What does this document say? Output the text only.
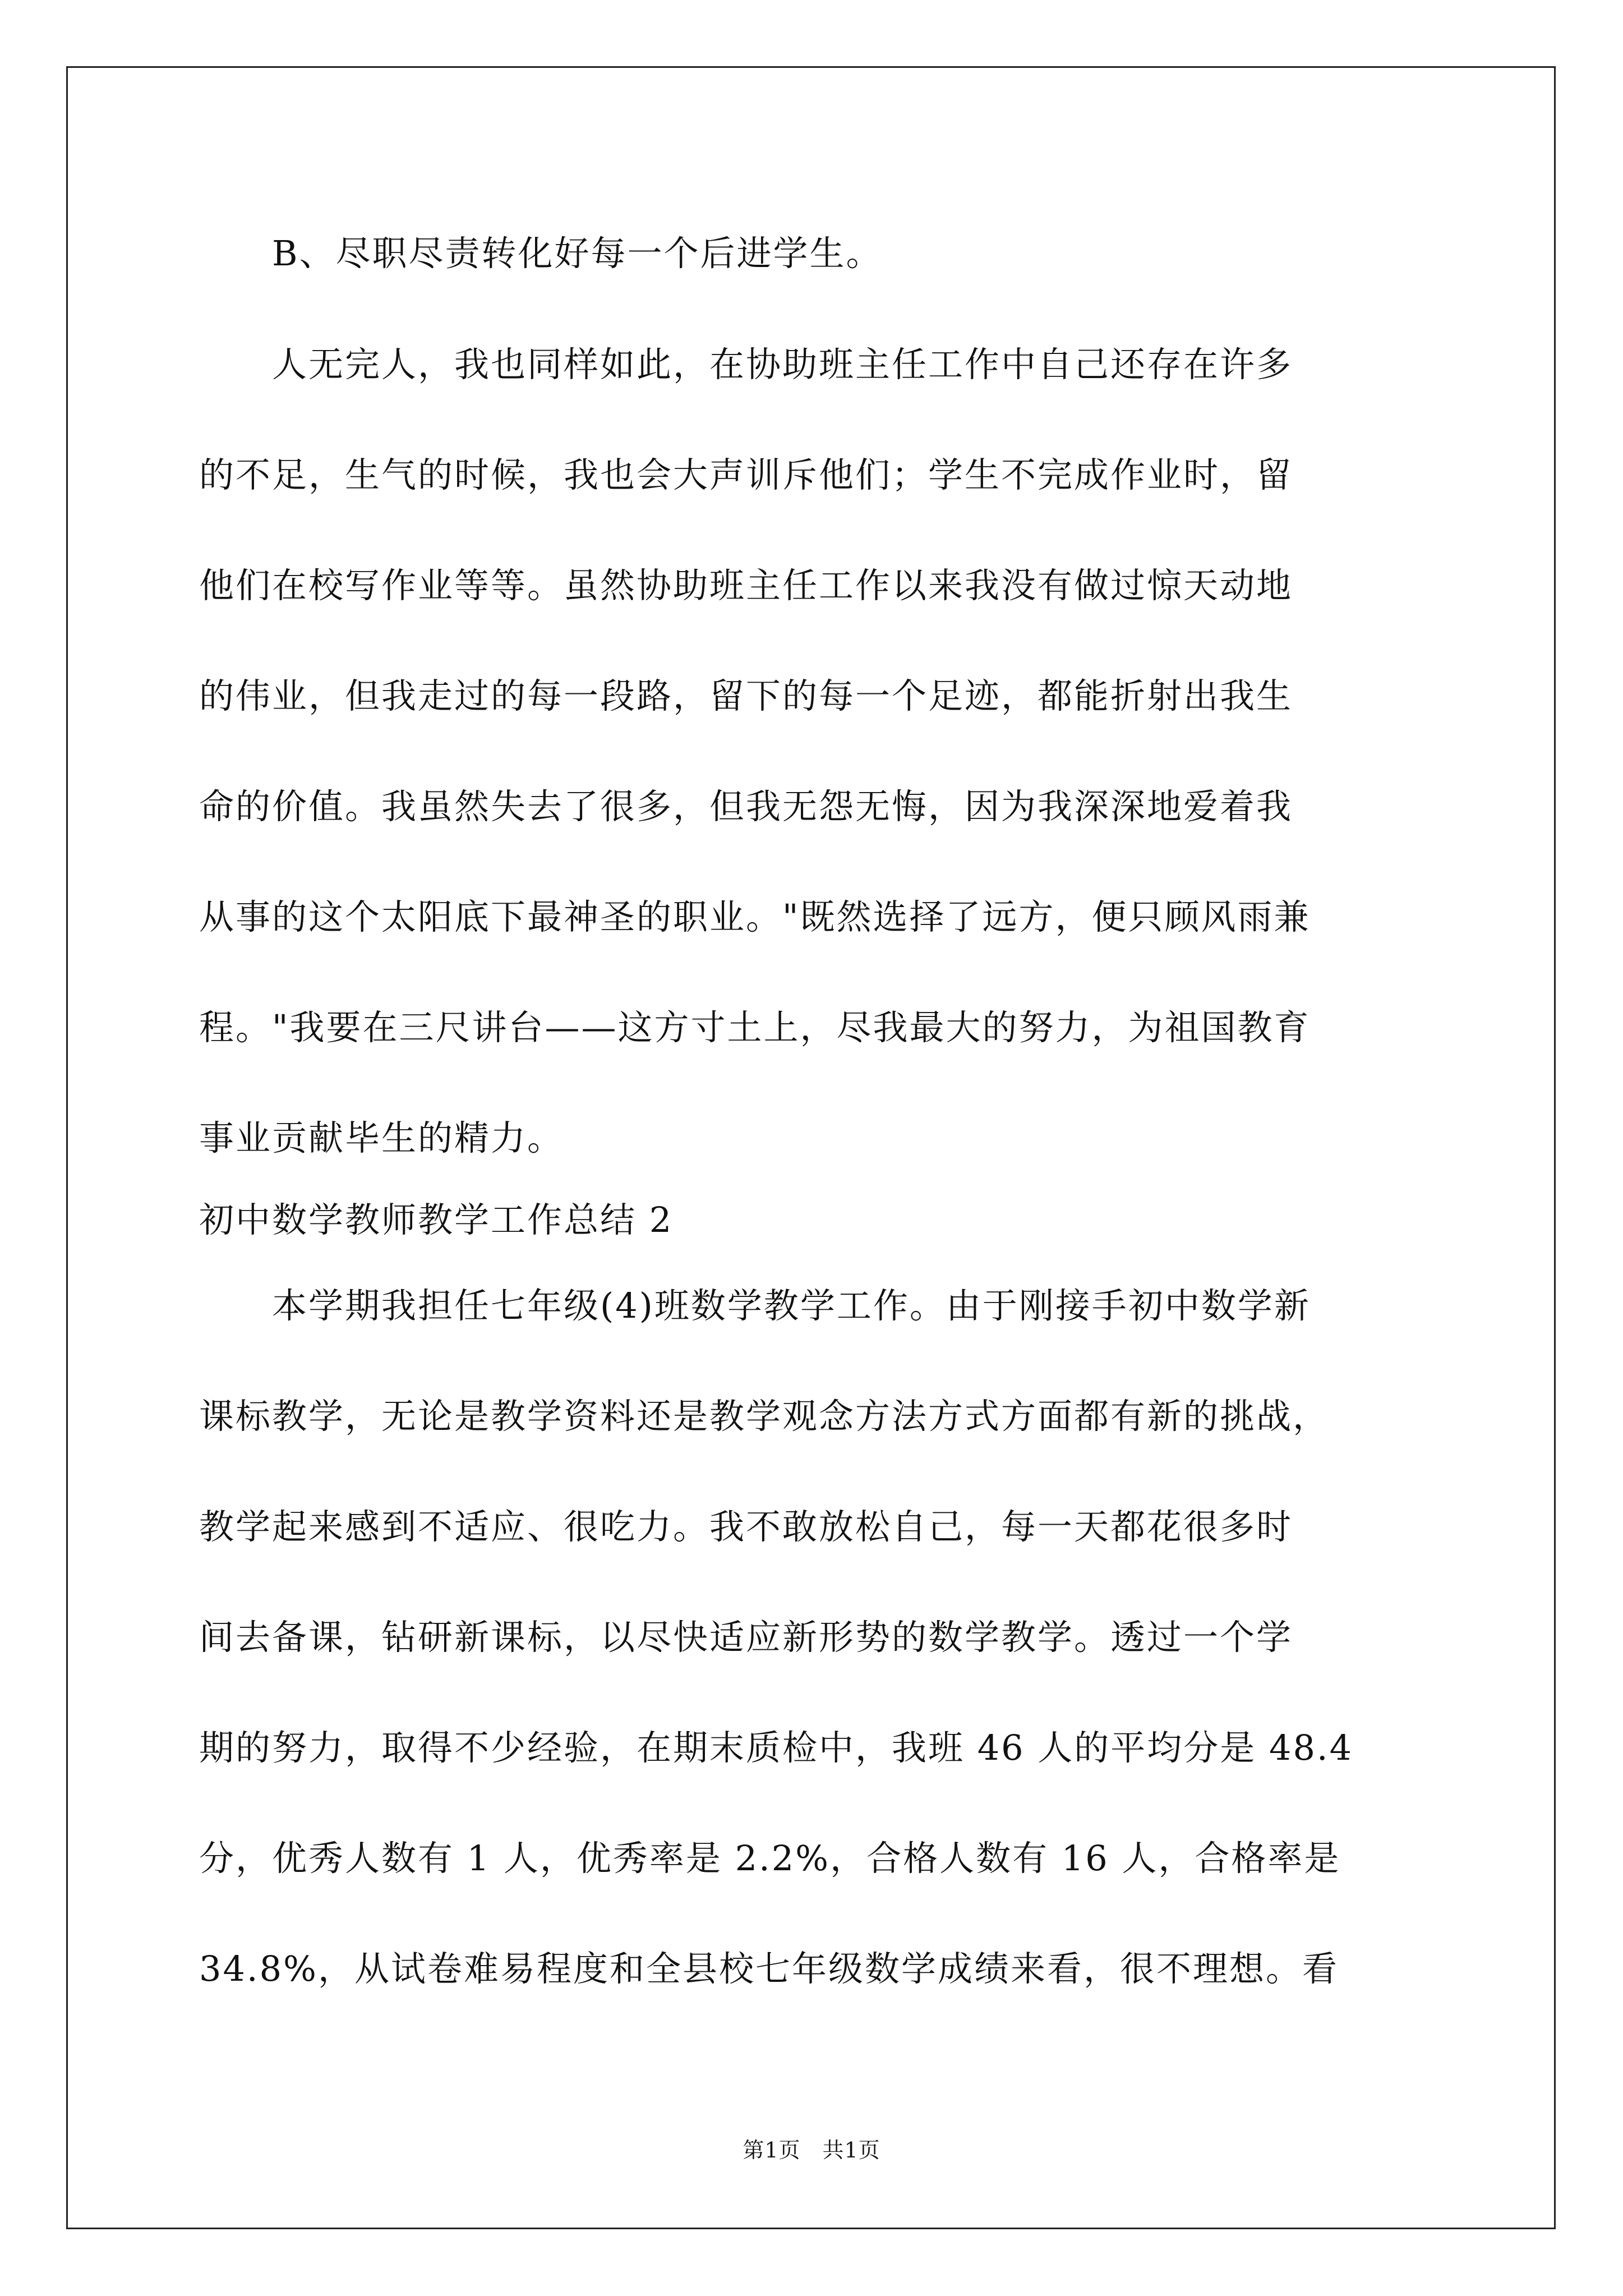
　　B、尽职尽责转化好每一个后进学生。
　　人无完人，我也同样如此，在协助班主任工作中自己还存在许多
的不足，生气的时候，我也会大声训斥他们；学生不完成作业时，留
他们在校写作业等等。虽然协助班主任工作以来我没有做过惊天动地
的伟业，但我走过的每一段路，留下的每一个足迹，都能折射出我生
命的价值。我虽然失去了很多，但我无怨无悔，因为我深深地爱着我
从事的这个太阳底下最神圣的职业。"既然选择了远方，便只顾风雨兼
程。"我要在三尺讲台——这方寸土上，尽我最大的努力，为祖国教育
事业贡献毕生的精力。
初中数学教师教学工作总结 2
　　本学期我担任七年级(4)班数学教学工作。由于刚接手初中数学新
课标教学，无论是教学资料还是教学观念方法方式方面都有新的挑战，
教学起来感到不适应、很吃力。我不敢放松自己，每一天都花很多时
间去备课，钻研新课标，以尽快适应新形势的数学教学。透过一个学
期的努力，取得不少经验，在期末质检中，我班 46 人的平均分是 48.4
分，优秀人数有 1 人，优秀率是 2.2%，合格人数有 16 人，合格率是
34.8%，从试卷难易程度和全县校七年级数学成绩来看，很不理想。看
第1页　共1页
